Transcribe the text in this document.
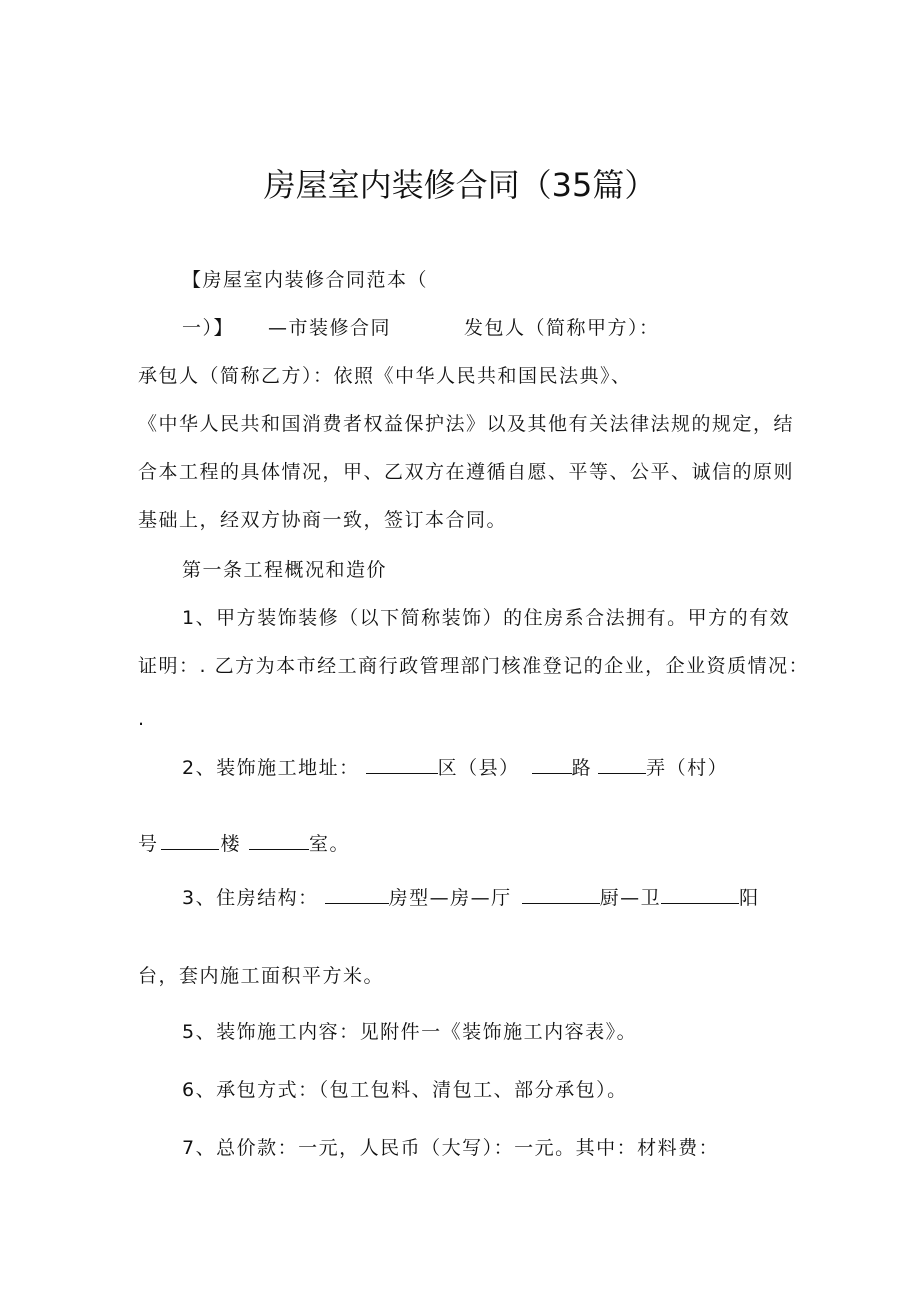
房屋室内装修合同（35篇）
【房屋室内装修合同范本（
一）】 —市装修合同	发包人（简称甲方）：
承包人（简称乙方）：依照《中华人民共和国民法典》、
《中华人民共和国消费者权益保护法》以及其他有关法律法规的规定，结
合本工程的具体情况，甲、乙双方在遵循自愿、平等、公平、诚信的原则
基础上，经双方协商一致，签订本合同。
第一条工程概况和造价
1、甲方装饰装修（以下简称装饰）的住房系合法拥有。甲方的有效
证明：. 乙方为本市经工商行政管理部门核准登记的企业，企业资质情况：
.
2、装饰施工地址：	区（县）	路	弄（村）
号	楼	室。
3、住房结构：	房型—房—厅	厨—卫	阳
台，套内施工面积平方米。
5、装饰施工内容：见附件一《装饰施工内容表》。
6、承包方式：（包工包料、清包工、部分承包）。
7、总价款：一元，人民币（大写）：一元。其中：材料费：
